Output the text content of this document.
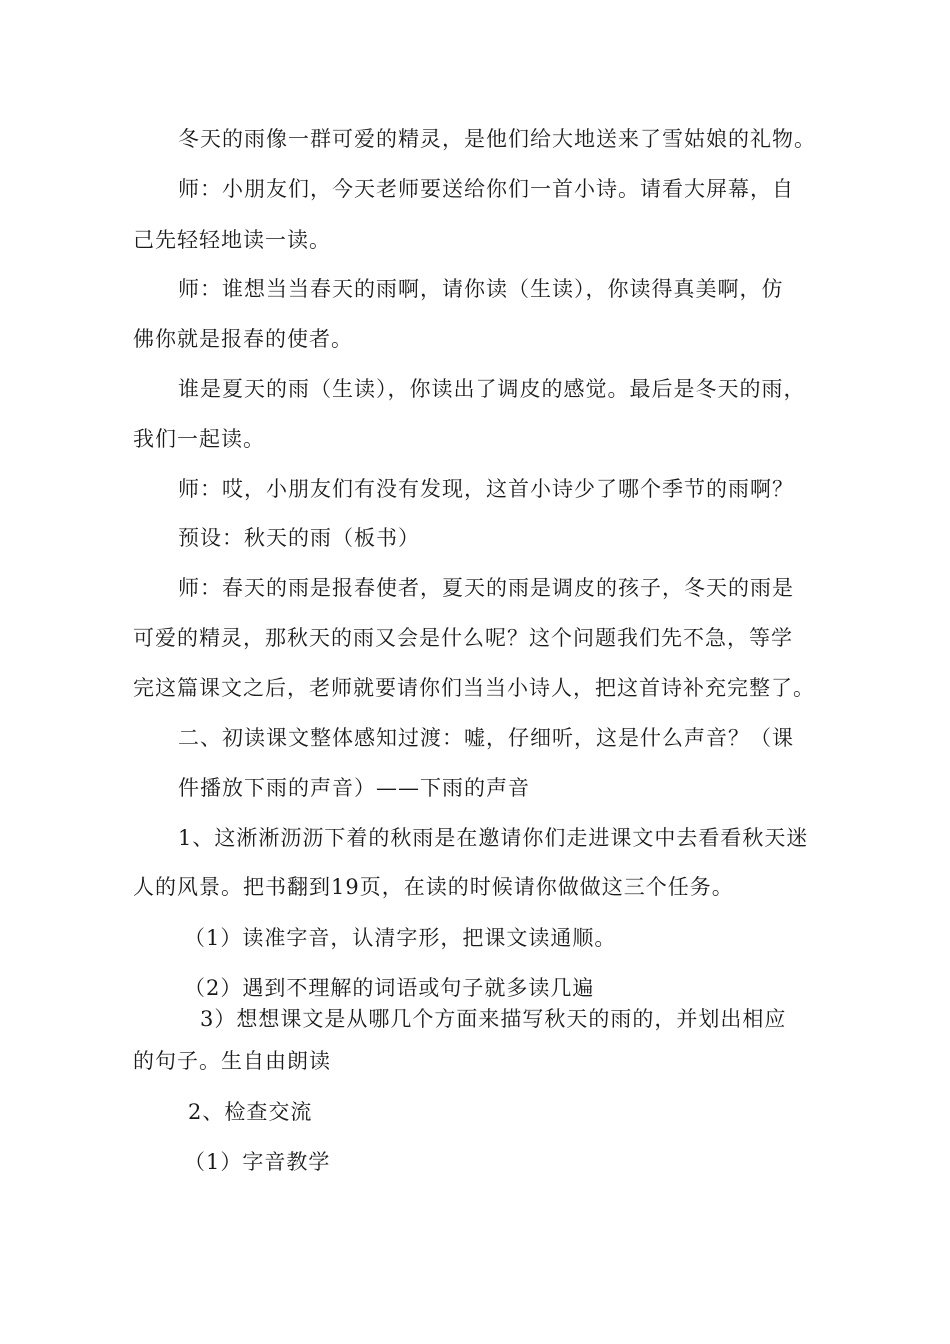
冬天的雨像一群可爱的精灵，是他们给大地送来了雪姑娘的礼物。

师：小朋友们，今天老师要送给你们一首小诗。请看大屏幕，自

己先轻轻地读一读。

师：谁想当当春天的雨啊，请你读（生读），你读得真美啊，仿

佛你就是报春的使者。

谁是夏天的雨（生读），你读出了调皮的感觉。最后是冬天的雨，

我们一起读。

师：哎，小朋友们有没有发现，这首小诗少了哪个季节的雨啊？

预设：秋天的雨（板书）

师：春天的雨是报春使者，夏天的雨是调皮的孩子，冬天的雨是

可爱的精灵，那秋天的雨又会是什么呢？这个问题我们先不急，等学

完这篇课文之后，老师就要请你们当当小诗人，把这首诗补充完整了。

二、初读课文整体感知过渡：嘘，仔细听，这是什么声音？（课

件播放下雨的声音）——下雨的声音

1、这淅淅沥沥下着的秋雨是在邀请你们走进课文中去看看秋天迷

人的风景。把书翻到19页，在读的时候请你做做这三个任务。

（1）读准字音，认清字形，把课文读通顺。

（2）遇到不理解的词语或句子就多读几遍

3）想想课文是从哪几个方面来描写秋天的雨的，并划出相应

的句子。生自由朗读

2、检查交流

（1）字音教学
